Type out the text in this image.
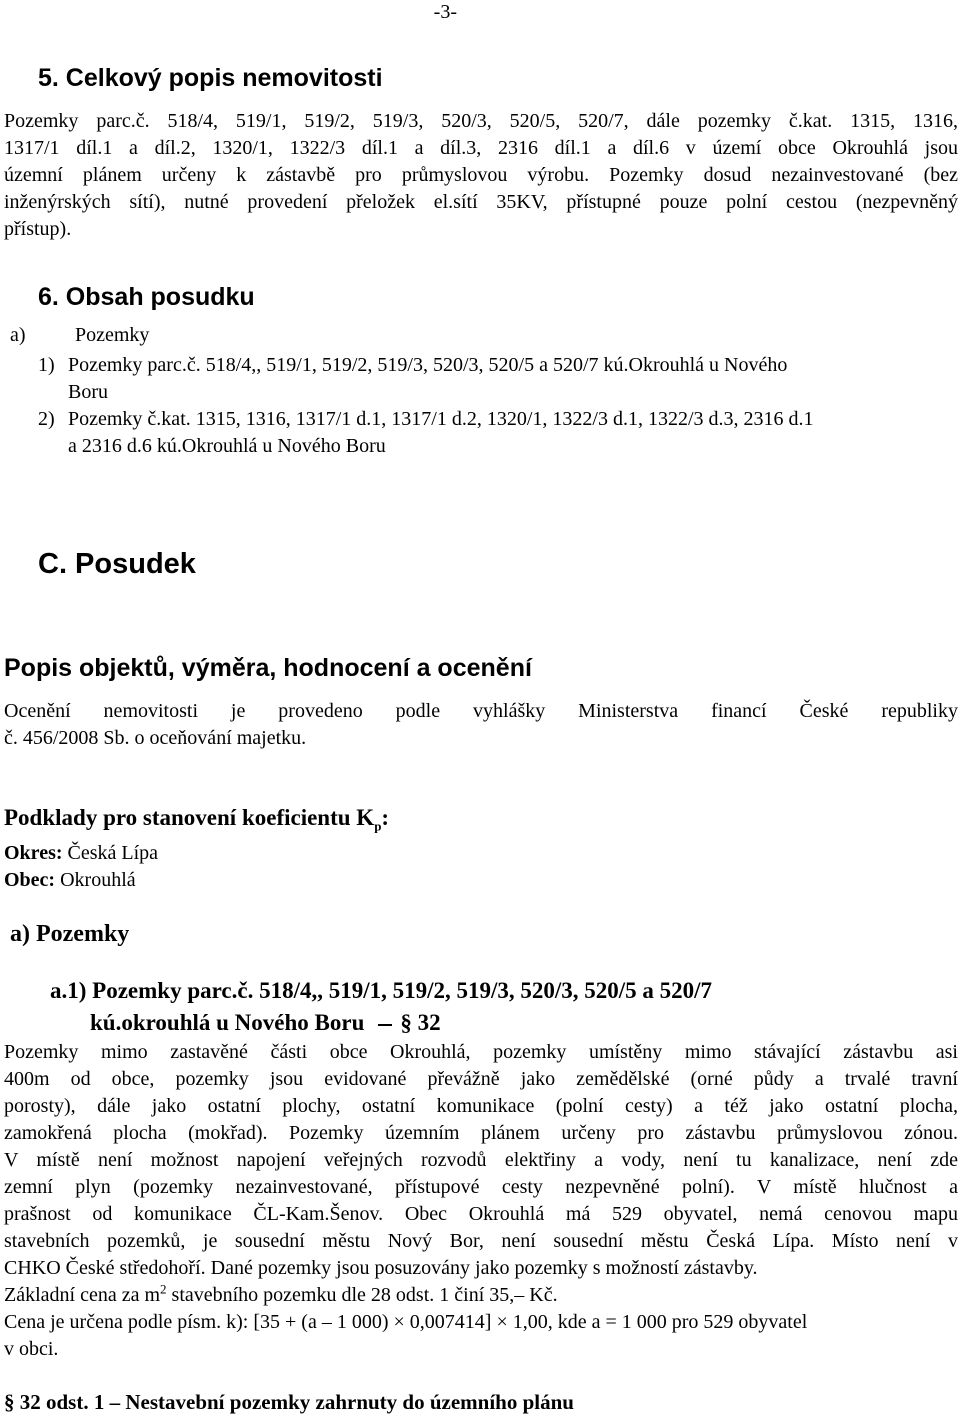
-3-
5. Celkový popis nemovitosti

Pozemky parc.č. 518/4, 519/1, 519/2, 519/3, 520/3, 520/5, 520/7, dále pozemky č.kat. 1315, 1316,

1317/1 díl.1 a díl.2, 1320/1, 1322/3 díl.1 a díl.3, 2316 díl.1 a díl.6 v území obce Okrouhlá jsou

územní plánem určeny k zástavbě pro průmyslovou výrobu. Pozemky dosud nezainvestované (bez

inženýrských sítí), nutné provedení přeložek el.sítí 35KV, přístupné pouze polní cestou (nezpevněný

přístup).

6. Obsah posudku
a) Pozemky

1) Pozemky parc.č. 518/4,, 519/1, 519/2, 519/3, 520/3, 520/5 a 520/7 kú.Okrouhlá u Nového

Boru

2) Pozemky č.kat. 1315, 1316, 1317/1 d.1, 1317/1 d.2, 1320/1, 1322/3 d.1, 1322/3 d.3, 2316 d.1

a 2316 d.6 kú.Okrouhlá u Nového Boru

C. Posudek
Popis objektů, výměra, hodnocení a ocenění

Ocenění nemovitosti je provedeno podle vyhlášky Ministerstva financí České republiky

č. 456/2008 Sb. o oceňování majetku.

Podklady pro stanovení koeficientu $K_p$:
Okres: Česká Lípa
Obec: Okrouhlá
a) Pozemky

a.1) Pozemky parc.č. 518/4,, 519/1, 519/2, 519/3, 520/3, 520/5 a 520/7

kú.okrouhlá u Nového Boru § 32

Pozemky mimo zastavěné části obce Okrouhlá, pozemky umístěny mimo stávající zástavbu asi

400m od obce, pozemky jsou evidované převážně jako zemědělské (orné půdy a trvalé travní

porosty), dále jako ostatní plochy, ostatní komunikace (polní cesty) a též jako ostatní plocha,

zamokřená plocha (mokřad). Pozemky územním plánem určeny pro zástavbu průmyslovou zónou.

V místě není možnost napojení veřejných rozvodů elektřiny a vody, není tu kanalizace, není zde

zemní plyn (pozemky nezainvestované, přístupové cesty nezpevněné polní). V místě hlučnost a

prašnost od komunikace ČL-Kam.Šenov. Obec Okrouhlá má 529 obyvatel, nemá cenovou mapu

stavebních pozemků, je sousední městu Nový Bor, není sousední městu Česká Lípa. Místo není v

CHKO České středohoří. Dané pozemky jsou posuzovány jako pozemky s možností zástavby.

Základní cena za $m^2$ stavebního pozemku dle 28 odst. 1 činí 35,– Kč.

Cena je určena podle písm. k): [35 + (a – 1 000) × 0,007414] × 1,00, kde a = 1 000 pro 529 obyvatel

v obci.

§ 32 odst. 1 – Nestavební pozemky zahrnuty do územního plánu
